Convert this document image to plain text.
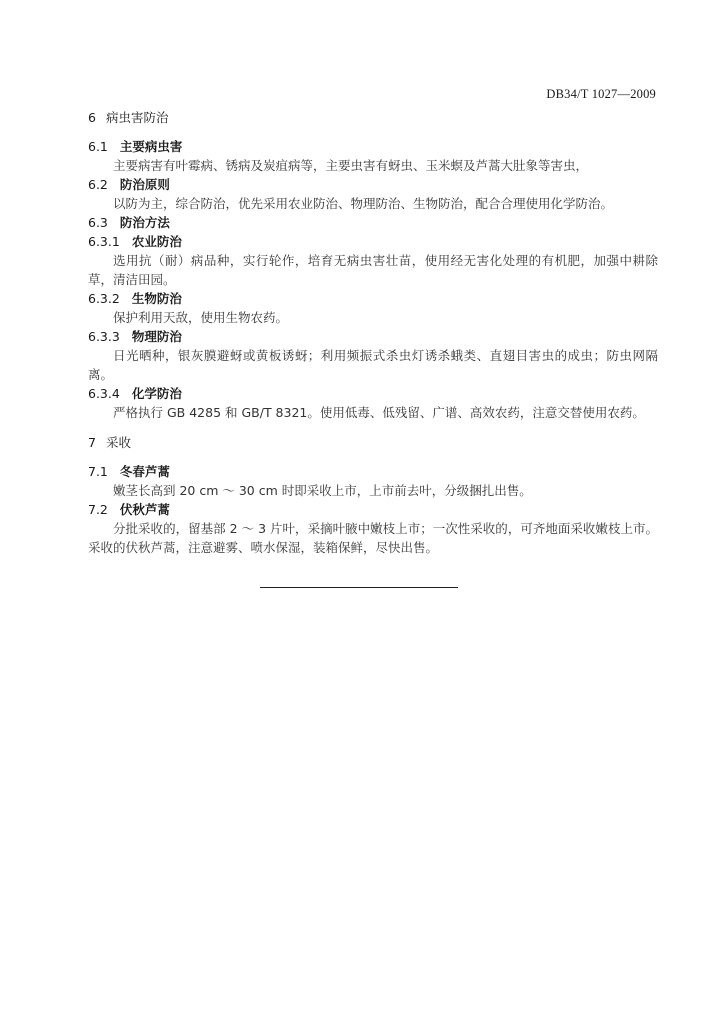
DB34/T 1027—2009
6 病虫害防治
6.1 主要病虫害
主要病害有叶霉病、锈病及炭疽病等，主要虫害有蚜虫、玉米螟及芦蒿大肚象等害虫，
6.2 防治原则
以防为主，综合防治，优先采用农业防治、物理防治、生物防治，配合合理使用化学防治。
6.3 防治方法
6.3.1 农业防治
选用抗（耐）病品种，实行轮作，培育无病虫害壮苗，使用经无害化处理的有机肥，加强中耕除草，清洁田园。
6.3.2 生物防治
保护利用天敌，使用生物农药。
6.3.3 物理防治
日光晒种，银灰膜避蚜或黄板诱蚜；利用频振式杀虫灯诱杀蛾类、直翅目害虫的成虫；防虫网隔离。
6.3.4 化学防治
严格执行 GB 4285 和 GB/T 8321。使用低毒、低残留、广谱、高效农药，注意交替使用农药。
7 采收
7.1 冬春芦蒿
嫩茎长高到 20 cm ～ 30 cm 时即采收上市，上市前去叶，分级捆扎出售。
7.2 伏秋芦蒿
分批采收的，留基部 2 ～ 3 片叶，采摘叶腋中嫩枝上市；一次性采收的，可齐地面采收嫩枝上市。采收的伏秋芦蒿，注意避雾、喷水保湿，装箱保鲜，尽快出售。
